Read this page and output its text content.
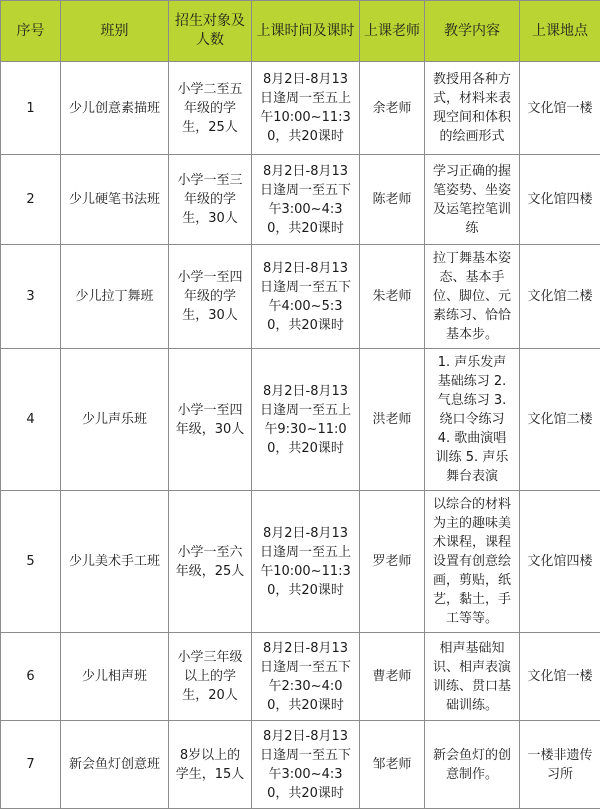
序号	班别	招生对象及人数	上课时间及课时	上课老师	教学内容	上课地点
1	少儿创意素描班	小学二至五年级的学生，25人	8月2日-8月13日逢周一至五上午10:00~11:30，共20课时	余老师	教授用各种方式，材料来表现空间和体积的绘画形式	文化馆一楼
2	少儿硬笔书法班	小学一至三年级的学生，30人	8月2日-8月13日逢周一至五下午3:00~4:30，共20课时	陈老师	学习正确的握笔姿势、坐姿及运笔控笔训练	文化馆四楼
3	少儿拉丁舞班	小学一至四年级的学生，30人	8月2日-8月13日逢周一至五下午4:00~5:30，共20课时	朱老师	拉丁舞基本姿态、基本手位、脚位、元素练习、恰恰基本步。	文化馆二楼
4	少儿声乐班	小学一至四年级，30人	8月2日-8月13日逢周一至五上午9:30~11:00，共20课时	洪老师	1. 声乐发声基础练习 2. 气息练习 3. 绕口令练习 4. 歌曲演唱训练 5. 声乐舞台表演	文化馆二楼
5	少儿美术手工班	小学一至六年级，25人	8月2日-8月13日逢周一至五上午10:00~11:30，共20课时	罗老师	以综合的材料为主的趣味美术课程，课程设置有创意绘画，剪贴，纸艺，黏土，手工等等。	文化馆四楼
6	少儿相声班	小学三年级以上的学生，20人	8月2日-8月13日逢周一至五下午2:30~4:00，共20课时	曹老师	相声基础知识、相声表演训练、贯口基础训练。	文化馆一楼
7	新会鱼灯创意班	8岁以上的学生，15人	8月2日-8月13日逢周一至五下午3:00~4:30，共20课时	邹老师	新会鱼灯的创意制作。	一楼非遗传习所
